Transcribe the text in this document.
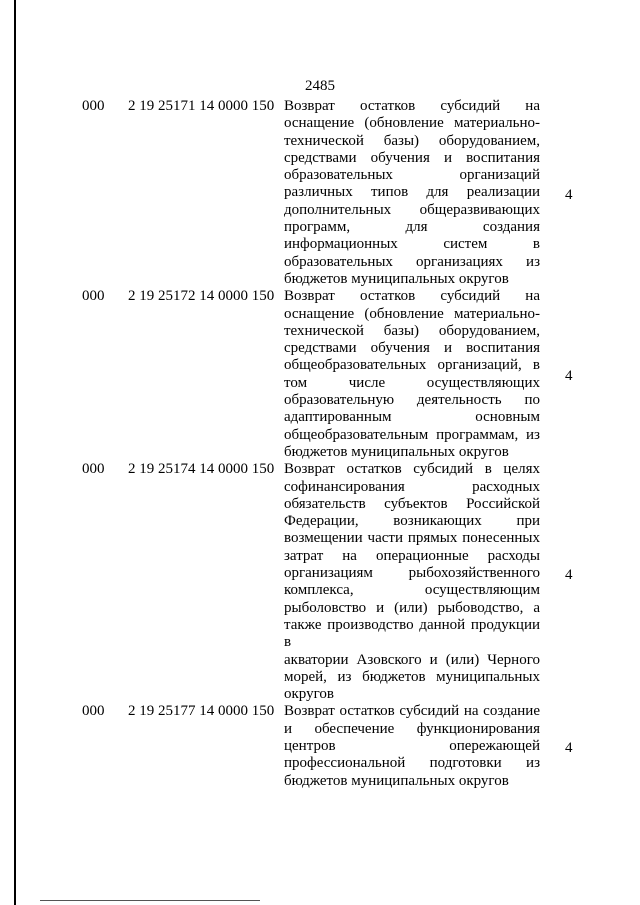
2485
000	2 19 25171 14 0000 150 Возврат остатков субсидий на
оснащение (обновление материально-
технической базы) оборудованием,
средствами обучения и воспитания
образовательных организаций
различных типов для реализации
дополнительных общеразвивающих
программ, для создания
информационных систем в
образовательных организациях из
бюджетов муниципальных округов
4
000	2 19 25172 14 0000 150 Возврат остатков субсидий на
оснащение (обновление материально-
технической базы) оборудованием,
средствами обучения и воспитания
общеобразовательных организаций, в
том числе осуществляющих
образовательную деятельность по
адаптированным основным
общеобразовательным программам, из
бюджетов муниципальных округов
4
000	2 19 25174 14 0000 150 Возврат остатков субсидий в целях
софинансирования расходных
обязательств субъектов Российской
Федерации, возникающих при
возмещении части прямых понесенных
затрат на операционные расходы
организациям рыбохозяйственного
комплекса, осуществляющим
рыболовство и (или) рыбоводство, а
также производство данной продукции в
акватории Азовского и (или) Черного
морей, из бюджетов муниципальных
округов
4
000	2 19 25177 14 0000 150 Возврат остатков субсидий на создание
и обеспечение функционирования
центров опережающей
профессиональной подготовки из
бюджетов муниципальных округов
4
